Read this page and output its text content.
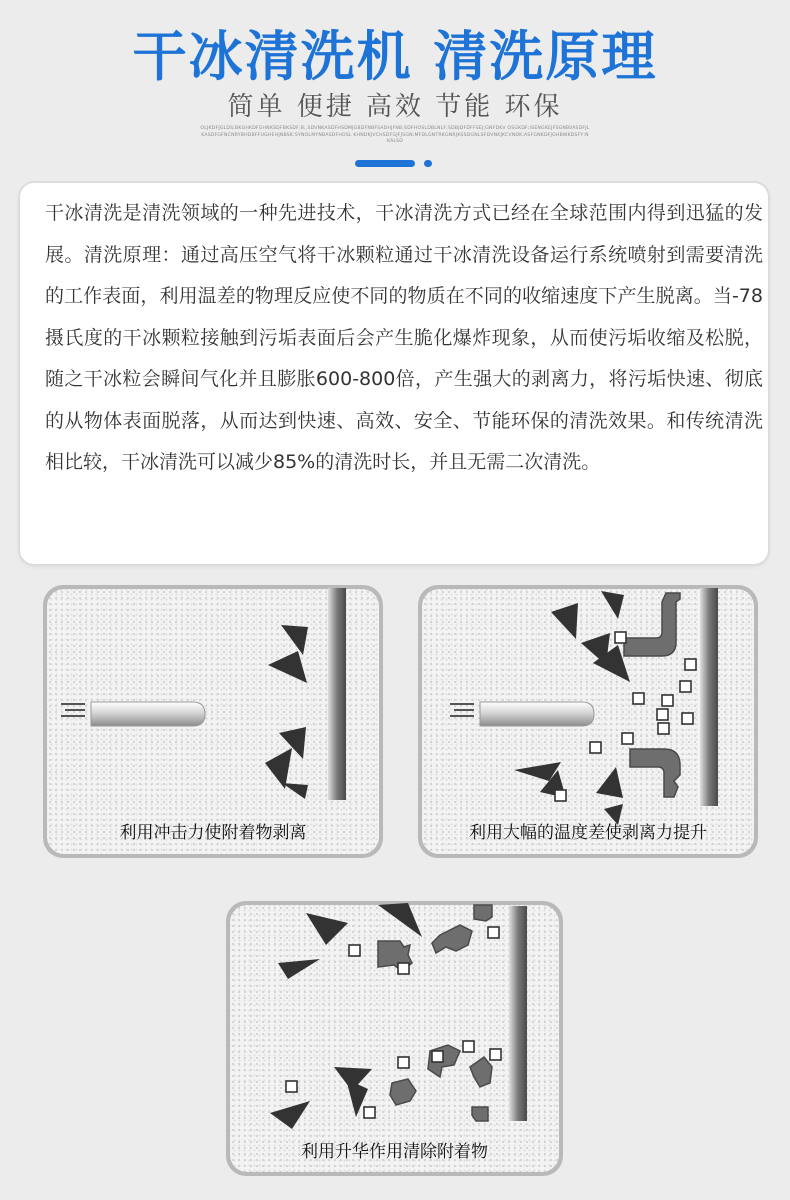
干冰清洗机 清洗原理
简单 便捷 高效 节能 环保
OLJKDFJGLDS;BKGHKDFGHNKSDFBKSDF;B;,SDVNKASDFHSDMJGBDFNBFSADHJFNB;SDFHOSLDBLNLF;SDBJDFDFFSEJ;GNFDKV OSGKDF;ISENGKEJFSGNBVASDFJLKASDFGFNCNRYBHDBFFUGHEHJNBSK;SYNOLMYNBASDFHOSL KHNDKJVCHSDFGJFJSGN;MFDLGNTRKGNRJKSSDGNLSFDVNKJKCVNDK;ASFGNKDFJGHBWKDSFY;NKALSD
干冰清洗是清洗领域的一种先进技术，干冰清洗方式已经在全球范围内得到迅猛的发展。清洗原理：通过高压空气将干冰颗粒通过干冰清洗设备运行系统喷射到需要清洗的工作表面，利用温差的物理反应使不同的物质在不同的收缩速度下产生脱离。当-78摄氏度的干冰颗粒接触到污垢表面后会产生脆化爆炸现象，从而使污垢收缩及松脱，随之干冰粒会瞬间气化并且膨胀600-800倍，产生强大的剥离力，将污垢快速、彻底的从物体表面脱落，从而达到快速、高效、安全、节能环保的清洗效果。和传统清洗相比较，干冰清洗可以减少85%的清洗时长，并且无需二次清洗。
利用冲击力使附着物剥离	利用大幅的温度差使剥离力提升
利用升华作用清除附着物
